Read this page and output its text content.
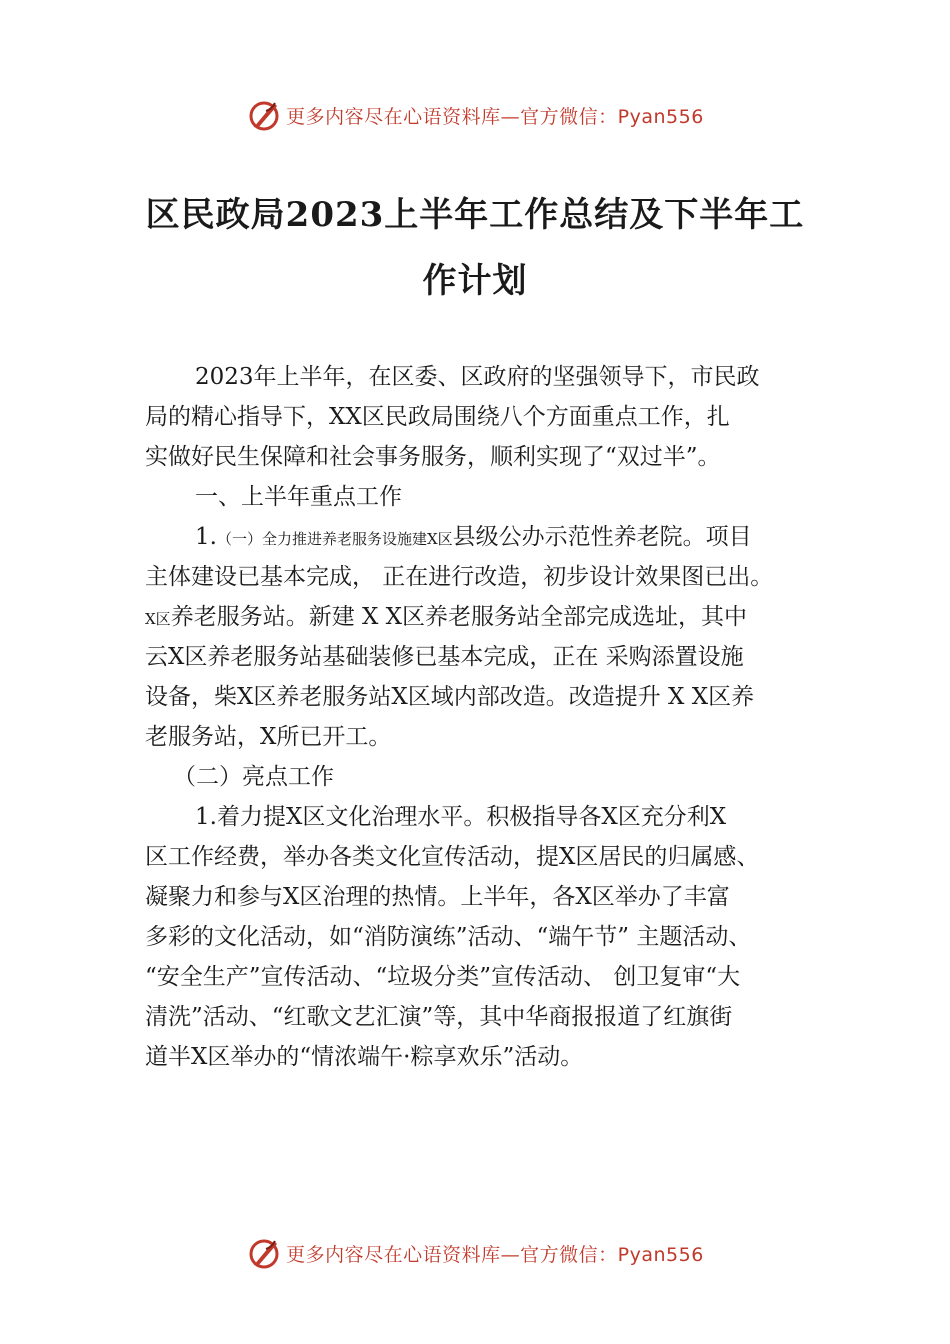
更多内容尽在心语资料库—官方微信：Pyan556
区民政局2023上半年工作总结及下半年工
作计划
2023年上半年，在区委、区政府的坚强领导下，市民政
局的精心指导下，XX区民政局围绕八个方面重点工作，扎
实做好民生保障和社会事务服务，顺利实现了“双过半”。
一、上半年重点工作
1.（一）全力推进养老服务设施建X区县级公办示范性养老院。项目
主体建设已基本完成， 正在进行改造，初步设计效果图已出。
X区养老服务站。新建 X X区养老服务站全部完成选址，其中
云X区养老服务站基础装修已基本完成，正在 采购添置设施
设备，柴X区养老服务站X区域内部改造。改造提升 X X区养
老服务站，X所已开工。
（二）亮点工作
1.着力提X区文化治理水平。积极指导各X区充分利X
区工作经费，举办各类文化宣传活动，提X区居民的归属感、
凝聚力和参与X区治理的热情。上半年，各X区举办了丰富
多彩的文化活动，如“消防演练”活动、“端午节” 主题活动、
“安全生产”宣传活动、“垃圾分类”宣传活动、 创卫复审“大
清洗”活动、“红歌文艺汇演”等，其中华商报报道了红旗街
道半X区举办的“情浓端午·粽享欢乐”活动。
更多内容尽在心语资料库—官方微信：Pyan556
